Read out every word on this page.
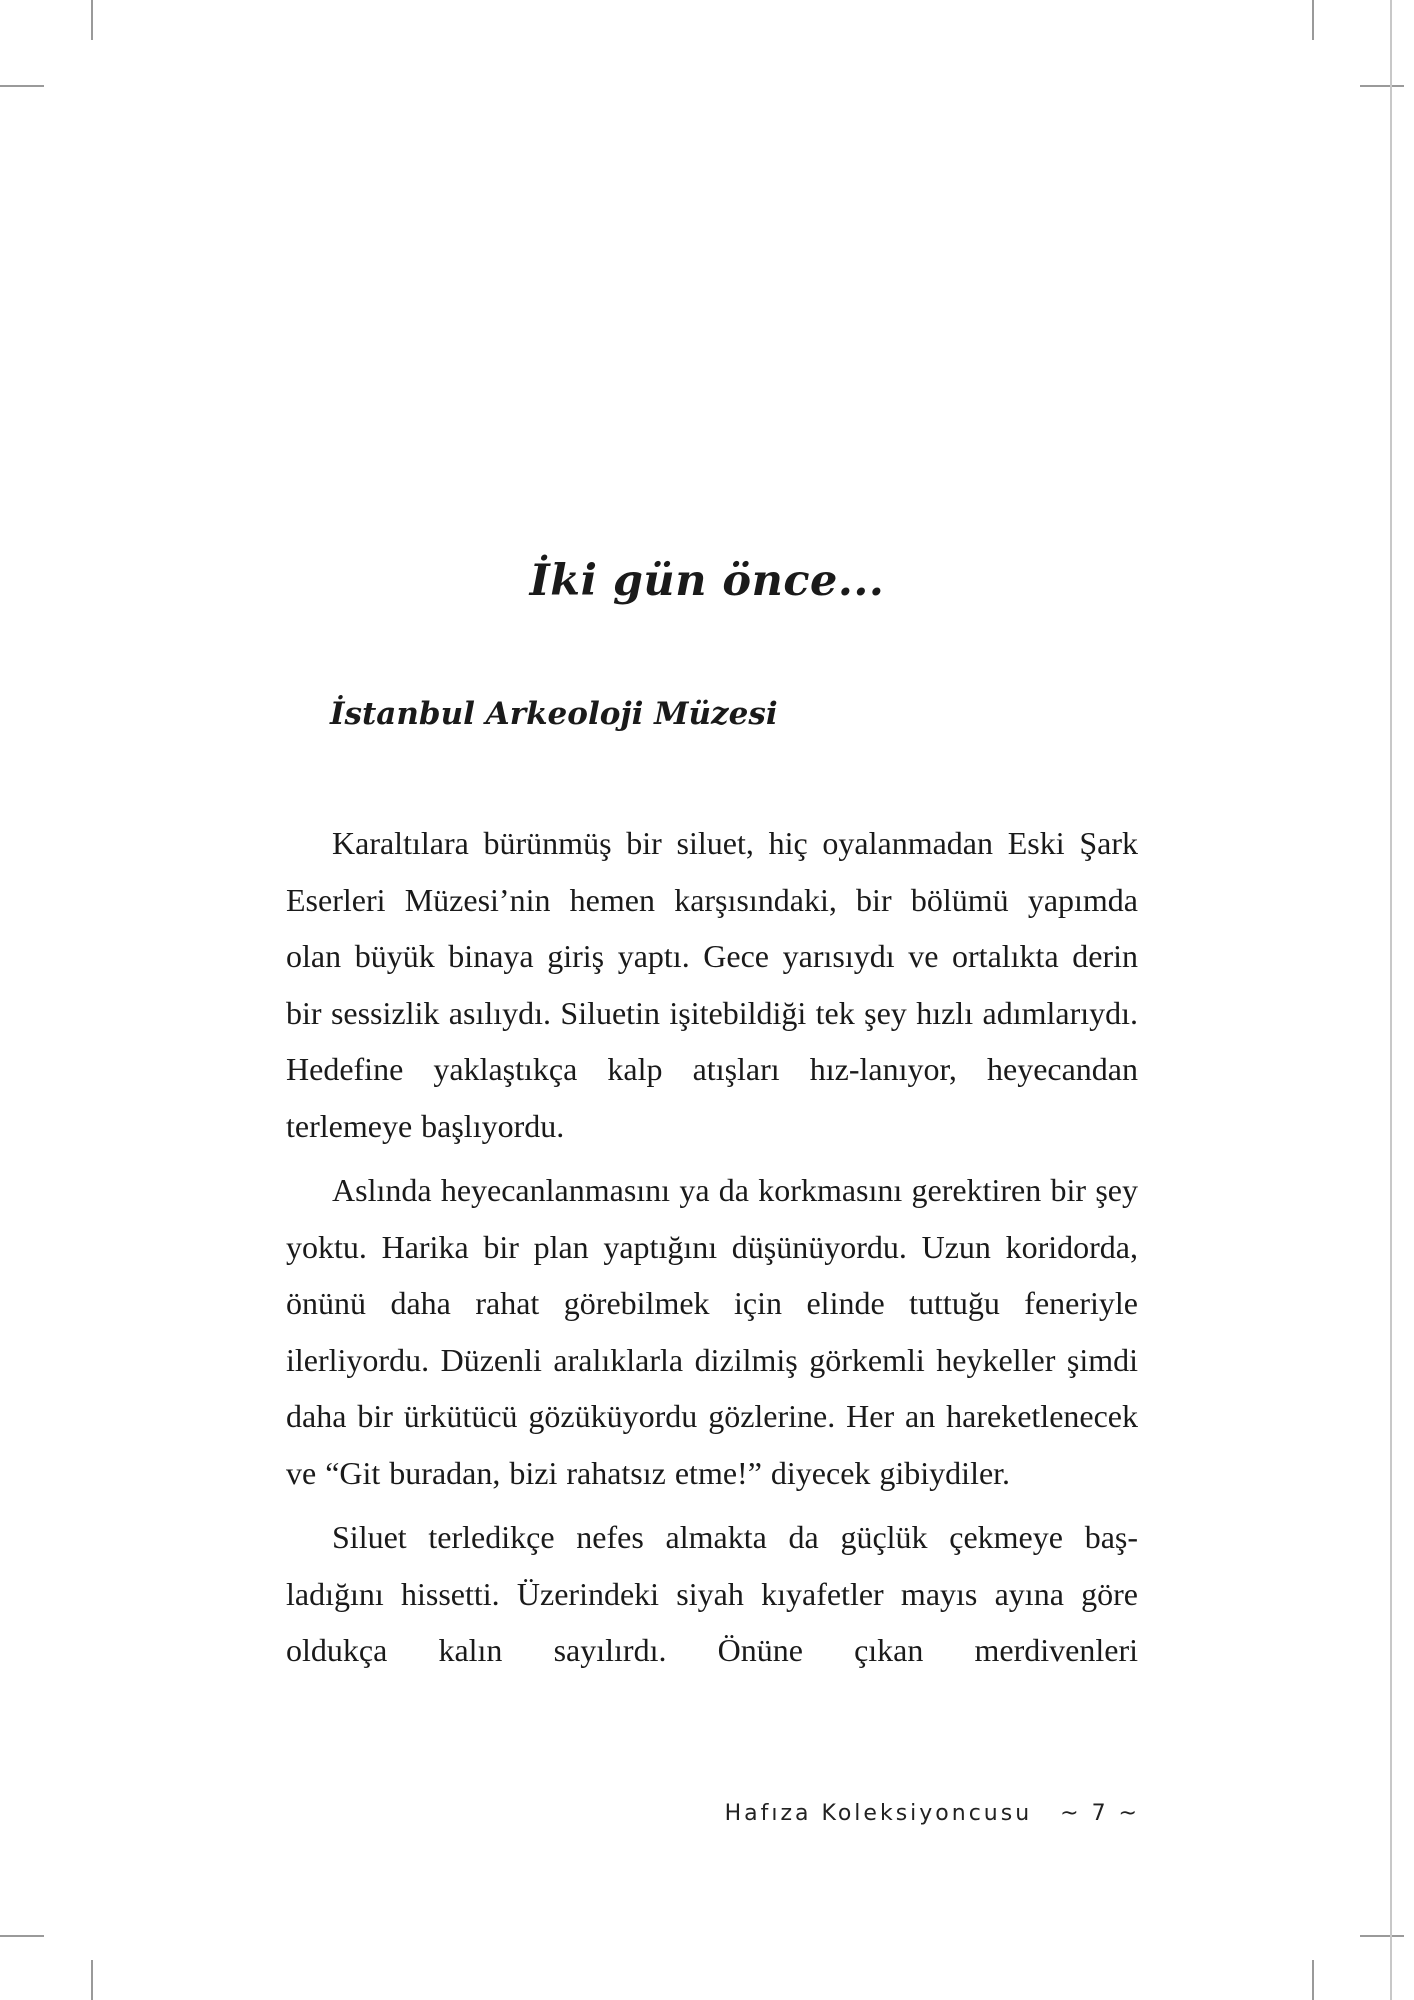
İki gün önce...
İstanbul Arkeoloji Müzesi

Karaltılara bürünmüş bir siluet, hiç oyalanmadan Eski Şark Eserleri Müzesi’nin hemen karşısındaki, bir bölümü yapımda olan büyük binaya giriş yaptı. Gece yarısıydı ve ortalıkta derin bir sessizlik asılıydı. Siluetin işitebildiği tek şey hızlı adımlarıydı. Hedefine yaklaştıkça kalp atışları hız-lanıyor, heyecandan terlemeye başlıyordu.

Aslında heyecanlanmasını ya da korkmasını gerektiren bir şey yoktu. Harika bir plan yaptığını düşünüyordu. Uzun koridorda, önünü daha rahat görebilmek için elinde tuttuğu feneriyle ilerliyordu. Düzenli aralıklarla dizilmiş görkemli heykeller şimdi daha bir ürkütücü gözüküyordu gözlerine. Her an hareketlenecek ve “Git buradan, bizi rahatsız etme!” diyecek gibiydiler.

Siluet terledikçe nefes almakta da güçlük çekmeye baş-ladığını hissetti. Üzerindeki siyah kıyafetler mayıs ayına göre oldukça kalın sayılırdı. Önüne çıkan merdivenleri

Hafıza Koleksiyoncusu ~ 7 ~
